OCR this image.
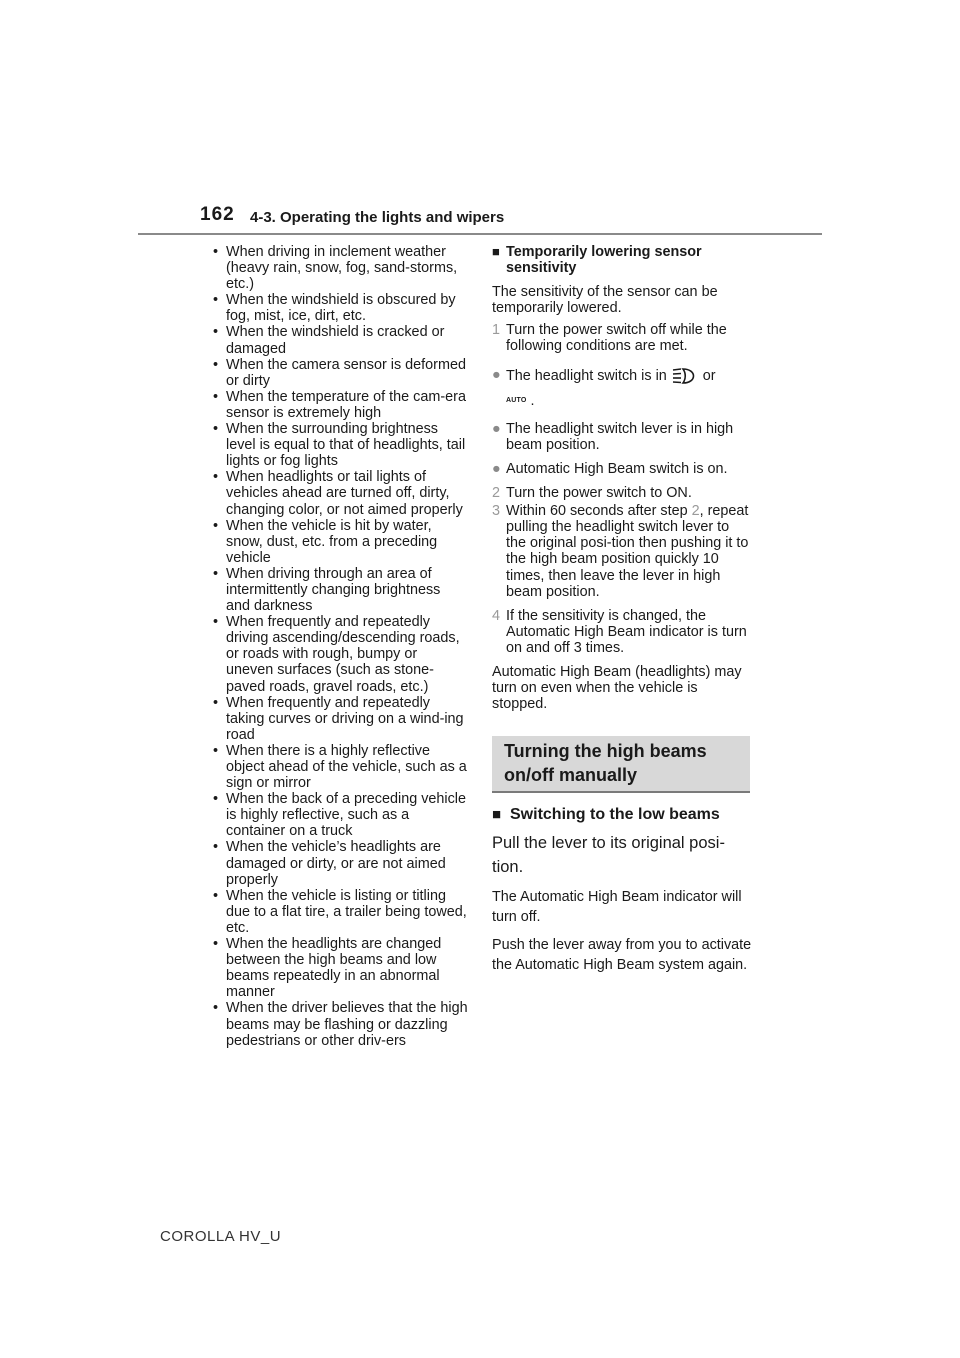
162 4-3. Operating the lights and wipers
• When driving in inclement weather (heavy rain, snow, fog, sand-storms, etc.)
• When the windshield is obscured by fog, mist, ice, dirt, etc.
• When the windshield is cracked or damaged
• When the camera sensor is deformed or dirty
• When the temperature of the cam-era sensor is extremely high
• When the surrounding brightness level is equal to that of headlights, tail lights or fog lights
• When headlights or tail lights of vehicles ahead are turned off, dirty, changing color, or not aimed properly
• When the vehicle is hit by water, snow, dust, etc. from a preceding vehicle
• When driving through an area of intermittently changing brightness and darkness
• When frequently and repeatedly driving ascending/descending roads, or roads with rough, bumpy or uneven surfaces (such as stone-paved roads, gravel roads, etc.)
• When frequently and repeatedly taking curves or driving on a wind-ing road
• When there is a highly reflective object ahead of the vehicle, such as a sign or mirror
• When the back of a preceding vehicle is highly reflective, such as a container on a truck
• When the vehicle’s headlights are damaged or dirty, or are not aimed properly
• When the vehicle is listing or titling due to a flat tire, a trailer being towed, etc.
• When the headlights are changed between the high beams and low beams repeatedly in an abnormal manner
• When the driver believes that the high beams may be flashing or dazzling pedestrians or other driv-ers
■ Temporarily lowering sensor sensitivity

The sensitivity of the sensor can be temporarily lowered.

1 Turn the power switch off while the following conditions are met.
● The headlight switch is in	or
AUTO .
● The headlight switch lever is in high beam position.
● Automatic High Beam switch is on.
2 Turn the power switch to ON.
3 Within 60 seconds after step 2, repeat pulling the headlight switch lever to the original posi-tion then pushing it to the high beam position quickly 10 times, then leave the lever in high beam position.
4 If the sensitivity is changed, the Automatic High Beam indicator is turn on and off 3 times.

Automatic High Beam (headlights) may turn on even when the vehicle is stopped.

Turning the high beams on/off manually
■ Switching to the low beams

Pull the lever to its original posi-tion.

The Automatic High Beam indicator will turn off.

Push the lever away from you to activate the Automatic High Beam system again.

COROLLA HV_U
